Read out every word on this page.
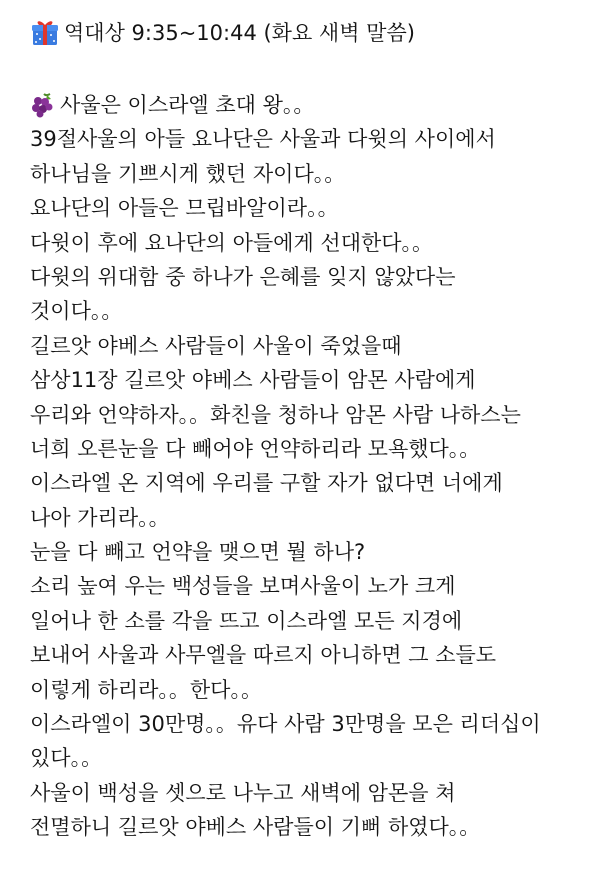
역대상 9:35~10:44 (화요 새벽 말씀)
사울은 이스라엘 초대 왕。。
39절사울의 아들 요나단은 사울과 다윗의 사이에서
하나님을 기쁘시게 했던 자이다。。
요나단의 아들은 므립바알이라。。
다윗이 후에 요나단의 아들에게 선대한다。。
다윗의 위대함 중 하나가 은혜를 잊지 않았다는
것이다。。
길르앗 야베스 사람들이 사울이 죽었을때
삼상11장 길르앗 야베스 사람들이 암몬 사람에게
우리와 언약하자。。화친을 청하나 암몬 사람 나하스는
너희 오른눈을 다 빼어야 언약하리라 모욕했다。。
이스라엘 온 지역에 우리를 구할 자가 없다면 너에게
나아 가리라。。
눈을 다 빼고 언약을 맺으면 뭘 하나?
소리 높여 우는 백성들을 보며사울이 노가 크게
일어나 한 소를 각을 뜨고 이스라엘 모든 지경에
보내어 사울과 사무엘을 따르지 아니하면 그 소들도
이렇게 하리라。。한다。。
이스라엘이 30만명。。유다 사람 3만명을 모은 리더십이
있다。。
사울이 백성을 셋으로 나누고 새벽에 암몬을 쳐
전멸하니 길르앗 야베스 사람들이 기뻐 하였다。。
